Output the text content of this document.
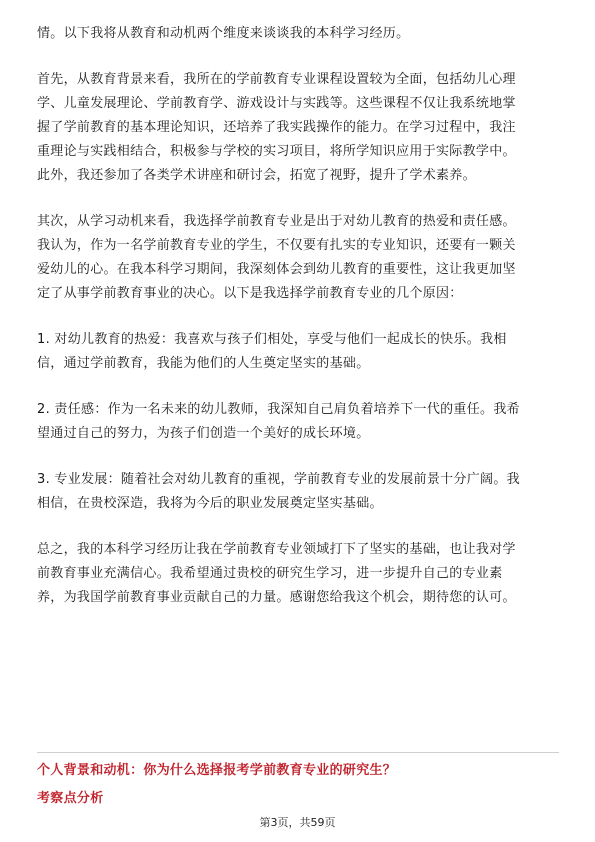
情。以下我将从教育和动机两个维度来谈谈我的本科学习经历。

首先，从教育背景来看，我所在的学前教育专业课程设置较为全面，包括幼儿心理
学、儿童发展理论、学前教育学、游戏设计与实践等。这些课程不仅让我系统地掌
握了学前教育的基本理论知识，还培养了我实践操作的能力。在学习过程中，我注
重理论与实践相结合，积极参与学校的实习项目，将所学知识应用于实际教学中。
此外，我还参加了各类学术讲座和研讨会，拓宽了视野，提升了学术素养。

其次，从学习动机来看，我选择学前教育专业是出于对幼儿教育的热爱和责任感。
我认为，作为一名学前教育专业的学生，不仅要有扎实的专业知识，还要有一颗关
爱幼儿的心。在我本科学习期间，我深刻体会到幼儿教育的重要性，这让我更加坚
定了从事学前教育事业的决心。以下是我选择学前教育专业的几个原因：

1. 对幼儿教育的热爱：我喜欢与孩子们相处，享受与他们一起成长的快乐。我相
信，通过学前教育，我能为他们的人生奠定坚实的基础。

2. 责任感：作为一名未来的幼儿教师，我深知自己肩负着培养下一代的重任。我希
望通过自己的努力，为孩子们创造一个美好的成长环境。

3. 专业发展：随着社会对幼儿教育的重视，学前教育专业的发展前景十分广阔。我
相信，在贵校深造，我将为今后的职业发展奠定坚实基础。

总之，我的本科学习经历让我在学前教育专业领域打下了坚实的基础，也让我对学
前教育事业充满信心。我希望通过贵校的研究生学习，进一步提升自己的专业素
养，为我国学前教育事业贡献自己的力量。感谢您给我这个机会，期待您的认可。

个人背景和动机：你为什么选择报考学前教育专业的研究生？
考察点分析
第3页，共59页
